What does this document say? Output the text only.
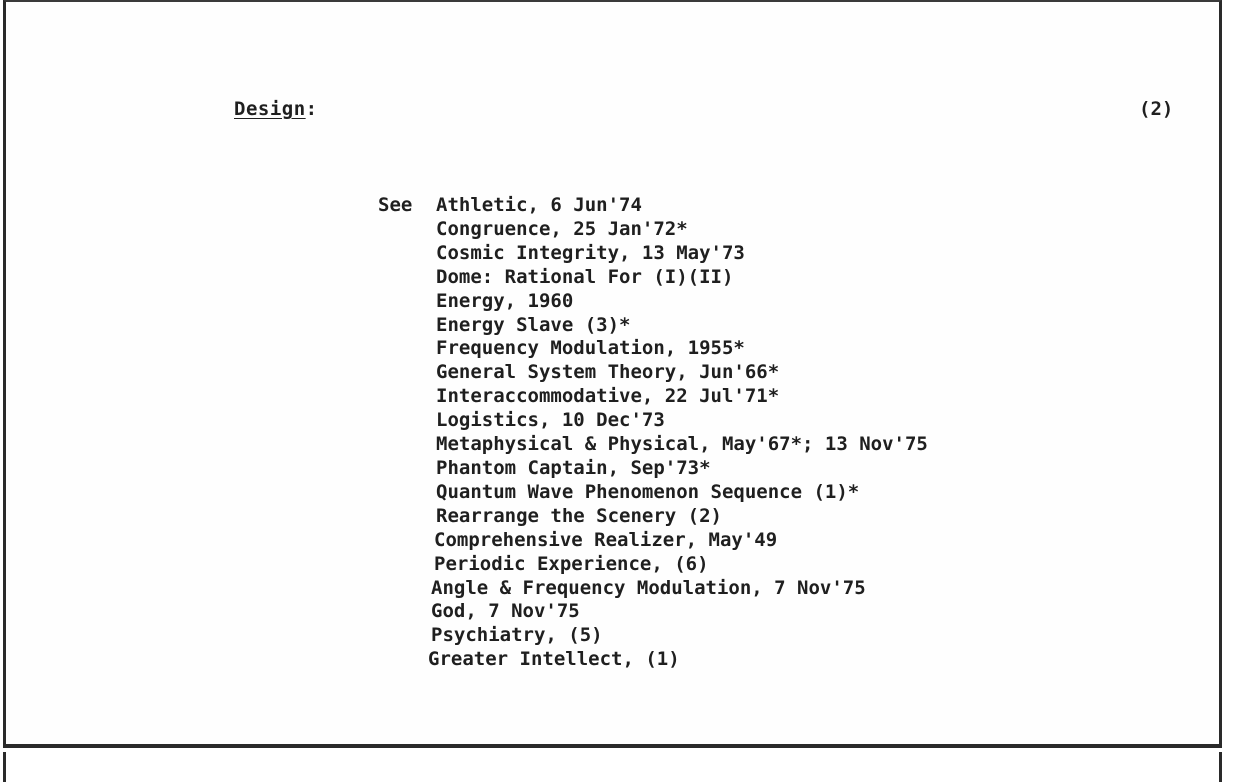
Design:	(2)
See Athletic, 6 Jun'74
Congruence, 25 Jan'72*
Cosmic Integrity, 13 May'73
Dome: Rational For (I)(II)
Energy, 1960
Energy Slave (3)*
Frequency Modulation, 1955*
General System Theory, Jun'66*
Interaccommodative, 22 Jul'71*
Logistics, 10 Dec'73
Metaphysical & Physical, May'67*; 13 Nov'75
Phantom Captain, Sep'73*
Quantum Wave Phenomenon Sequence (1)*
Rearrange the Scenery (2)
Comprehensive Realizer, May'49
Periodic Experience, (6)
Angle & Frequency Modulation, 7 Nov'75
God, 7 Nov'75
Psychiatry, (5)
Greater Intellect, (1)
